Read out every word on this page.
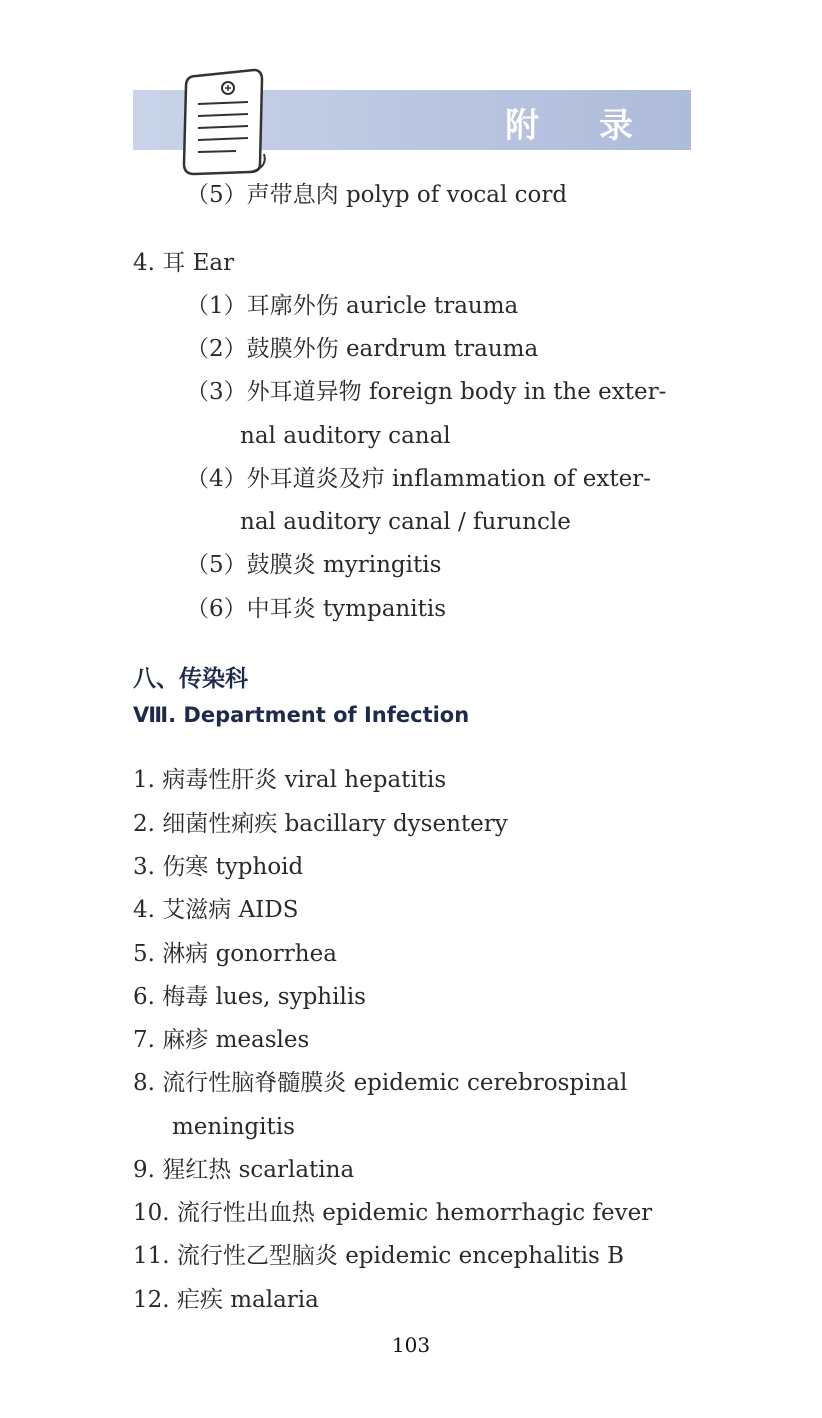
附 录
（5）声带息肉 polyp of vocal cord
4. 耳 Ear
（1）耳廓外伤 auricle trauma
（2）鼓膜外伤 eardrum trauma
（3）外耳道异物 foreign body in the exter-
nal auditory canal
（4）外耳道炎及疖 inflammation of exter-
nal auditory canal / furuncle
（5）鼓膜炎 myringitis
（6）中耳炎 tympanitis
八、传染科
Ⅷ. Department of Infection
1. 病毒性肝炎 viral hepatitis
2. 细菌性痢疾 bacillary dysentery
3. 伤寒 typhoid
4. 艾滋病 AIDS
5. 淋病 gonorrhea
6. 梅毒 lues, syphilis
7. 麻疹 measles
8. 流行性脑脊髓膜炎 epidemic cerebrospinal
meningitis
9. 猩红热 scarlatina
10. 流行性出血热 epidemic hemorrhagic fever
11. 流行性乙型脑炎 epidemic encephalitis B
12. 疟疾 malaria
103
